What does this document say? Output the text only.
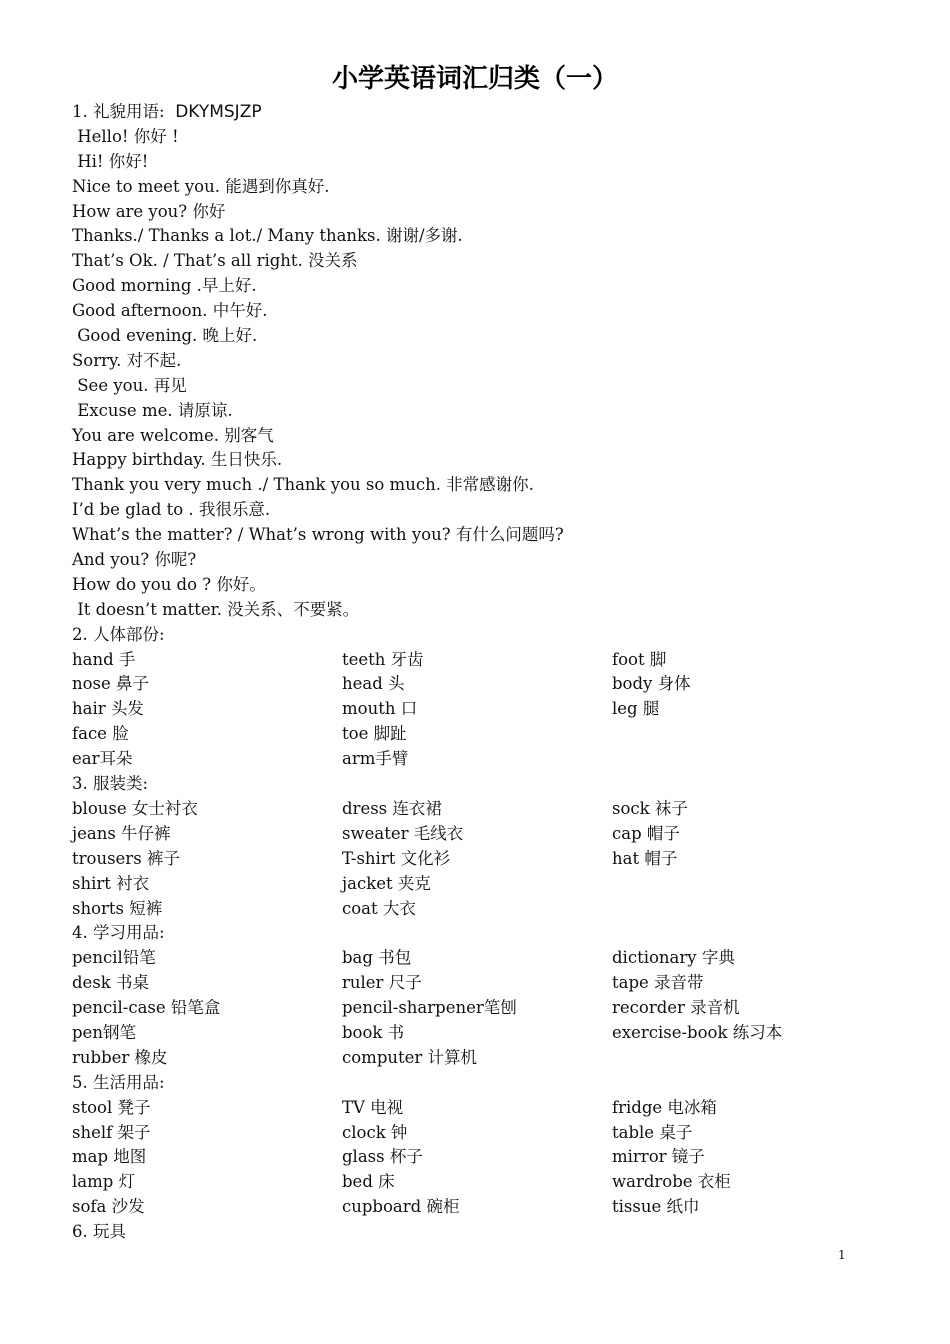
小学英语词汇归类（一）
1. 礼貌用语:  DKYMSJZP
Hello! 你好 !
Hi! 你好!
Nice to meet you. 能遇到你真好.
How are you? 你好
Thanks./ Thanks a lot./ Many thanks. 谢谢/多谢.
That’s Ok. / That’s all right. 没关系
Good morning .早上好.
Good afternoon. 中午好.
Good evening. 晚上好.
Sorry. 对不起.
See you. 再见
Excuse me. 请原谅.
You are welcome. 别客气
Happy birthday. 生日快乐.
Thank you very much ./ Thank you so much. 非常感谢你.
I’d be glad to . 我很乐意.
What’s the matter? / What’s wrong with you? 有什么问题吗?
And you? 你呢?
How do you do ? 你好。
It doesn’t matter. 没关系、不要紧。
2. 人体部份:
hand 手	teeth 牙齿	foot 脚
nose 鼻子	head 头	body 身体
hair 头发	mouth 口	leg 腿
face 脸	toe 脚趾
ear耳朵	arm手臂
3. 服装类:
blouse 女士衬衣	dress 连衣裙	sock 袜子
jeans 牛仔裤	sweater 毛线衣	cap 帽子
trousers 裤子	T-shirt 文化衫	hat 帽子
shirt 衬衣	jacket 夹克
shorts 短裤	coat 大衣
4. 学习用品:
pencil铅笔	bag 书包	dictionary 字典
desk 书桌	ruler 尺子	tape 录音带
pencil-case 铅笔盒	pencil-sharpener笔刨	recorder 录音机
pen钢笔	book 书	exercise-book 练习本
rubber 橡皮	computer 计算机
5. 生活用品:
stool 凳子	TV 电视	fridge 电冰箱
shelf 架子	clock 钟	table 桌子
map 地图	glass 杯子	mirror 镜子
lamp 灯	bed 床	wardrobe 衣柜
sofa 沙发	cupboard 碗柜	tissue 纸巾
6. 玩具
1
